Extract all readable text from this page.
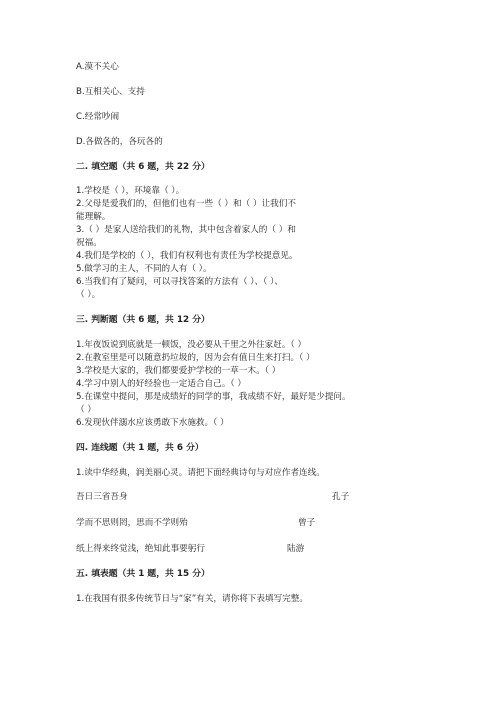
A.漠不关心
B.互相关心、支持
C.经常吵闹
D.各做各的，各玩各的
二. 填空题（共 6 题，共 22 分）
1.学校是（ ），环境靠（ ）。
2.父母是爱我们的，但他们也有一些（ ）和（ ）让我们不
能理解。
3.（ ）是家人送给我们的礼物，其中包含着家人的（ ）和
祝福。
4.我们是学校的（ ），我们有权利也有责任为学校提意见。
5.做学习的主人，不同的人有（ ）。
6.当我们有了疑问，可以寻找答案的方法有（ ）、（ ）、
（ ）。
三. 判断题（共 6 题，共 12 分）
1.年夜饭说到底就是一顿饭，没必要从千里之外往家赶。（ ）
2.在教室里是可以随意扔垃圾的，因为会有值日生来打扫。（ ）
3.学校是大家的，我们都要爱护学校的一草一木。（ ）
4.学习中别人的好经验也一定适合自己。（ ）
5.在课堂中提问，那是成绩好的同学的事，我成绩不好，最好是少提问。
（ ）
6.发现伙伴溺水应该勇敢下水施救。（ ）
四. 连线题（共 1 题，共 6 分）
1.读中华经典，润美丽心灵。请把下面经典诗句与对应作者连线。
吾日三省吾身	孔子
学而不思则罔，思而不学则殆	曾子
纸上得来终觉浅，绝知此事要躬行	陆游
五. 填表题（共 1 题，共 15 分）
1.在我国有很多传统节日与“家”有关，请你将下表填写完整。
